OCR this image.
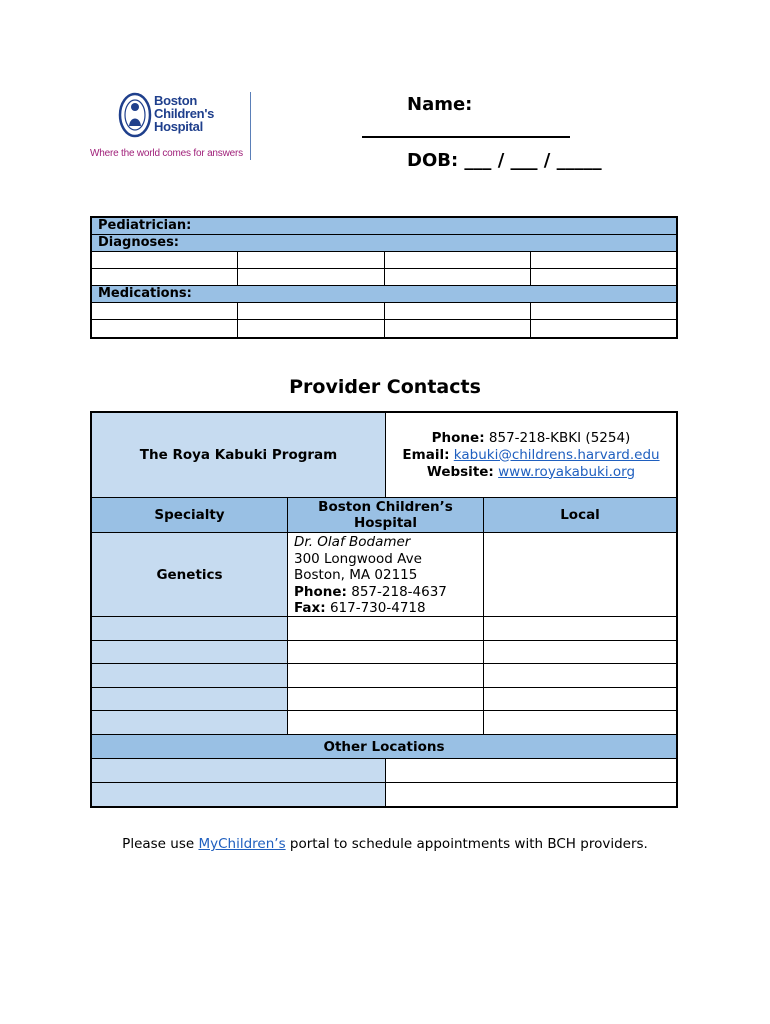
Boston
Children's
Hospital
Where the world comes for answers
Name:
DOB: ___ / ___ / _____
Pediatrician:
Diagnoses:
Medications:
Provider Contacts
The Roya Kabuki Program
Phone: 857-218-KBKI (5254)
Email: kabuki@childrens.harvard.edu
Website: www.royakabuki.org
Specialty	Boston Children’s Hospital	Local
Genetics
Dr. Olaf Bodamer
300 Longwood Ave
Boston, MA 02115
Phone: 857-218-4637
Fax: 617-730-4718
Other Locations
Please use MyChildren’s portal to schedule appointments with BCH providers.
